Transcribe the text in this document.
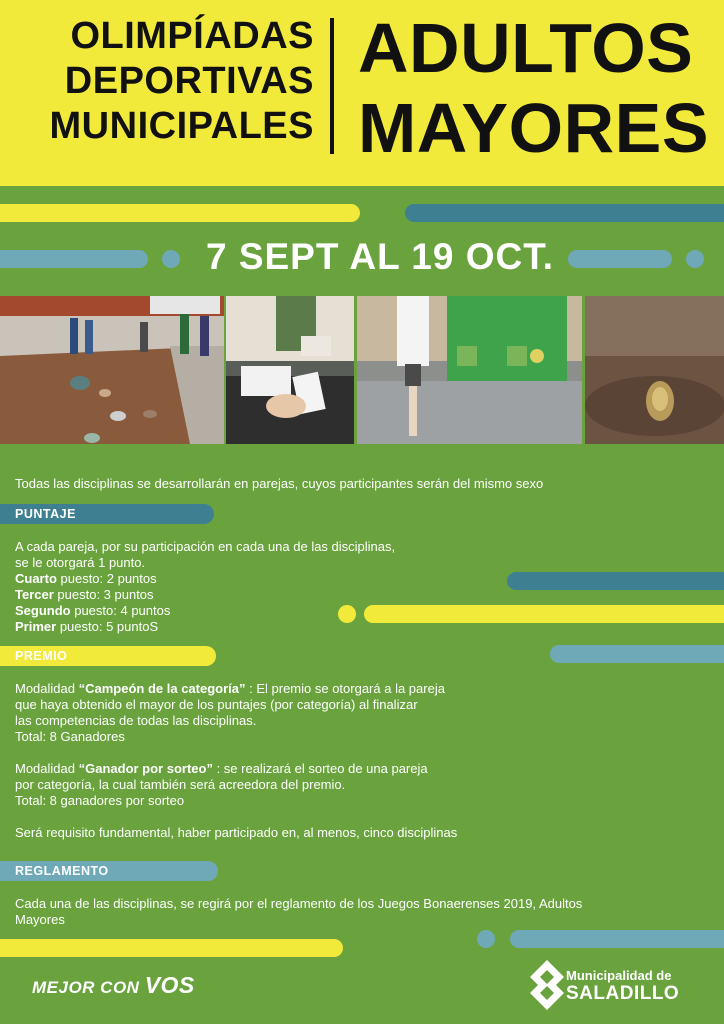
OLIMPÍADAS
DEPORTIVAS
MUNICIPALES
ADULTOS
MAYORES
7 SEPT AL 19 OCT.
Todas las disciplinas se desarrollarán en parejas, cuyos participantes serán del mismo sexo
PUNTAJE
A cada pareja, por su participación en cada una de las disciplinas,
se le otorgará 1 punto.
Cuarto puesto: 2 puntos
Tercer puesto: 3 puntos
Segundo puesto: 4 puntos
Primer puesto: 5 puntoS
PREMIO
Modalidad “Campeón de la categoría” : El premio se otorgará a la pareja
que haya obtenido el mayor de los puntajes (por categoría) al finalizar
las competencias de todas las disciplinas.
Total: 8 Ganadores
Modalidad “Ganador por sorteo” : se realizará el sorteo de una pareja
por categoría, la cual también será acreedora del premio.
Total: 8 ganadores por sorteo
Será requisito fundamental, haber participado en, al menos, cinco disciplinas
REGLAMENTO
Cada una de las disciplinas, se regirá por el reglamento de los Juegos Bonaerenses 2019, Adultos
Mayores
MEJOR CON VOS	Municipalidad de
SALADILLO
